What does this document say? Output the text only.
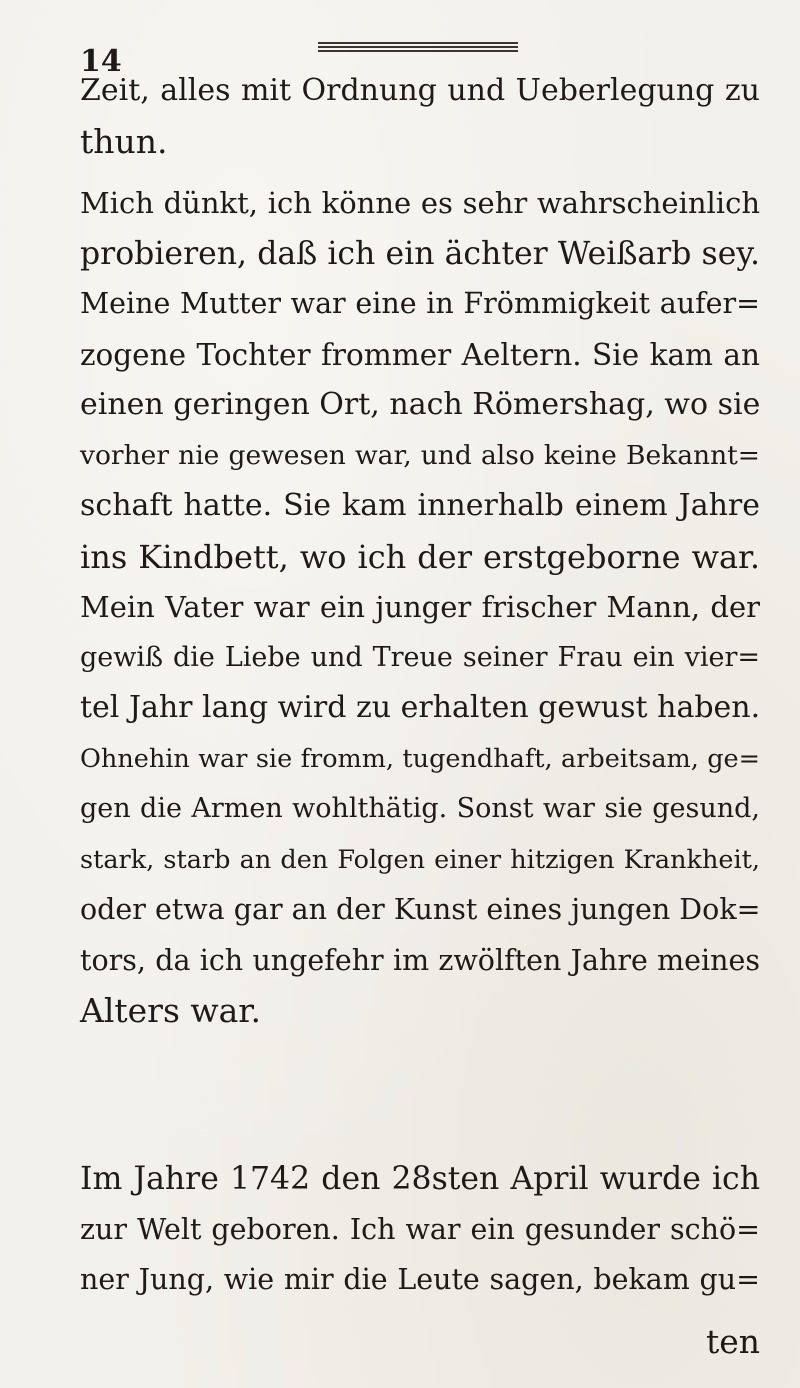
14
Zeit, alles mit Ordnung und Ueberlegung zu
thun.
Mich dünkt, ich könne es sehr wahrscheinlich
probieren, daß ich ein ächter Weißarb sey.
Meine Mutter war eine in Frömmigkeit aufer=
zogene Tochter frommer Aeltern. Sie kam an
einen geringen Ort, nach Römershag, wo sie
vorher nie gewesen war, und also keine Bekannt=
schaft hatte. Sie kam innerhalb einem Jahre
ins Kindbett, wo ich der erstgeborne war.
Mein Vater war ein junger frischer Mann, der
gewiß die Liebe und Treue seiner Frau ein vier=
tel Jahr lang wird zu erhalten gewust haben.
Ohnehin war sie fromm, tugendhaft, arbeitsam, ge=
gen die Armen wohlthätig. Sonst war sie gesund,
stark, starb an den Folgen einer hitzigen Krankheit,
oder etwa gar an der Kunst eines jungen Dok=
tors, da ich ungefehr im zwölften Jahre meines
Alters war.
Im Jahre 1742 den 28sten April wurde ich
zur Welt geboren. Ich war ein gesunder schö=
ner Jung, wie mir die Leute sagen, bekam gu=
ten
